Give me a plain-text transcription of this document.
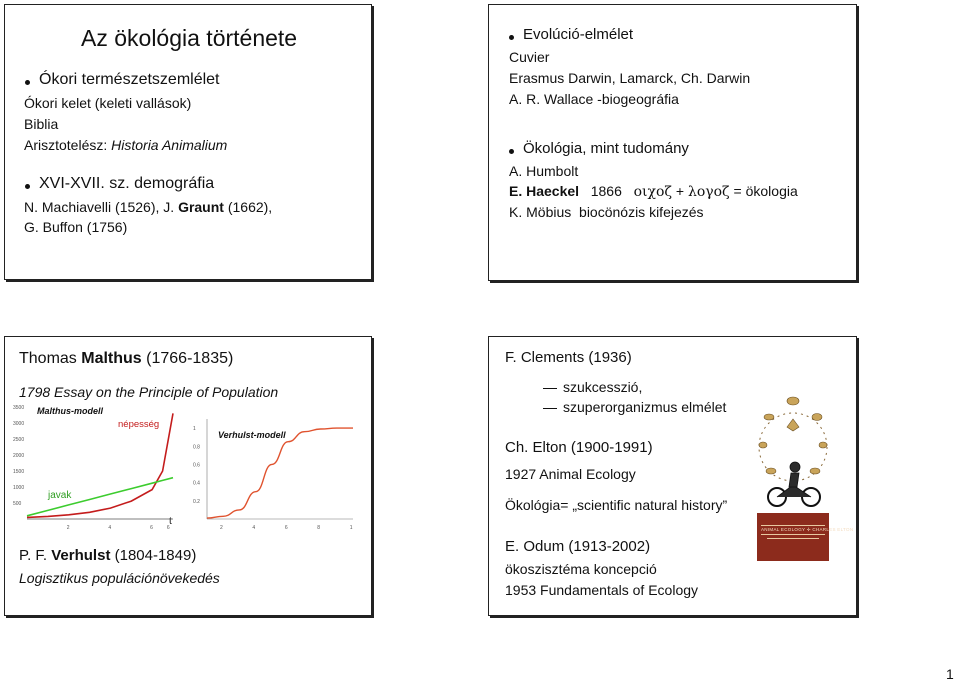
Az ökológia története
Ókori természetszemlélet
Ókori kelet (keleti vallások)
Biblia
Arisztotelész: Historia Animalium
XVI-XVII. sz. demográfia
N. Machiavelli (1526), J. Graunt (1662),
G. Buffon (1756)
Evolúció-elmélet
Cuvier
Erasmus Darwin, Lamarck, Ch. Darwin
A. R. Wallace -biogeográfia
Ökológia, mint tudomány
A. Humbolt
E. Haeckel 1866 οιχοζ + λογοζ = ökologia
K. Möbius biocönózis kifejezés
Thomas Malthus (1766-1835)
1798 Essay on the Principle of Population
Malthus-modell
t
népesség
javak
500
1000
1500
2000
2500
3000
3500
2	4	6	6
Verhulst-modell
0.2
0.4
0.6
0.8
1
2	4	6	8	1
P. F. Verhulst (1804-1849)
Logisztikus populációnövekedés
F. Clements (1936)
szukcesszió,
szuperorganizmus elmélet
Ch. Elton (1900-1991)
1927 Animal Ecology
Ökológia= „scientific natural history”
E. Odum (1913-2002)
ökoszisztéma koncepció
1953 Fundamentals of Ecology
ANIMAL ECOLOGY ✢ CHARLES ELTON
1
